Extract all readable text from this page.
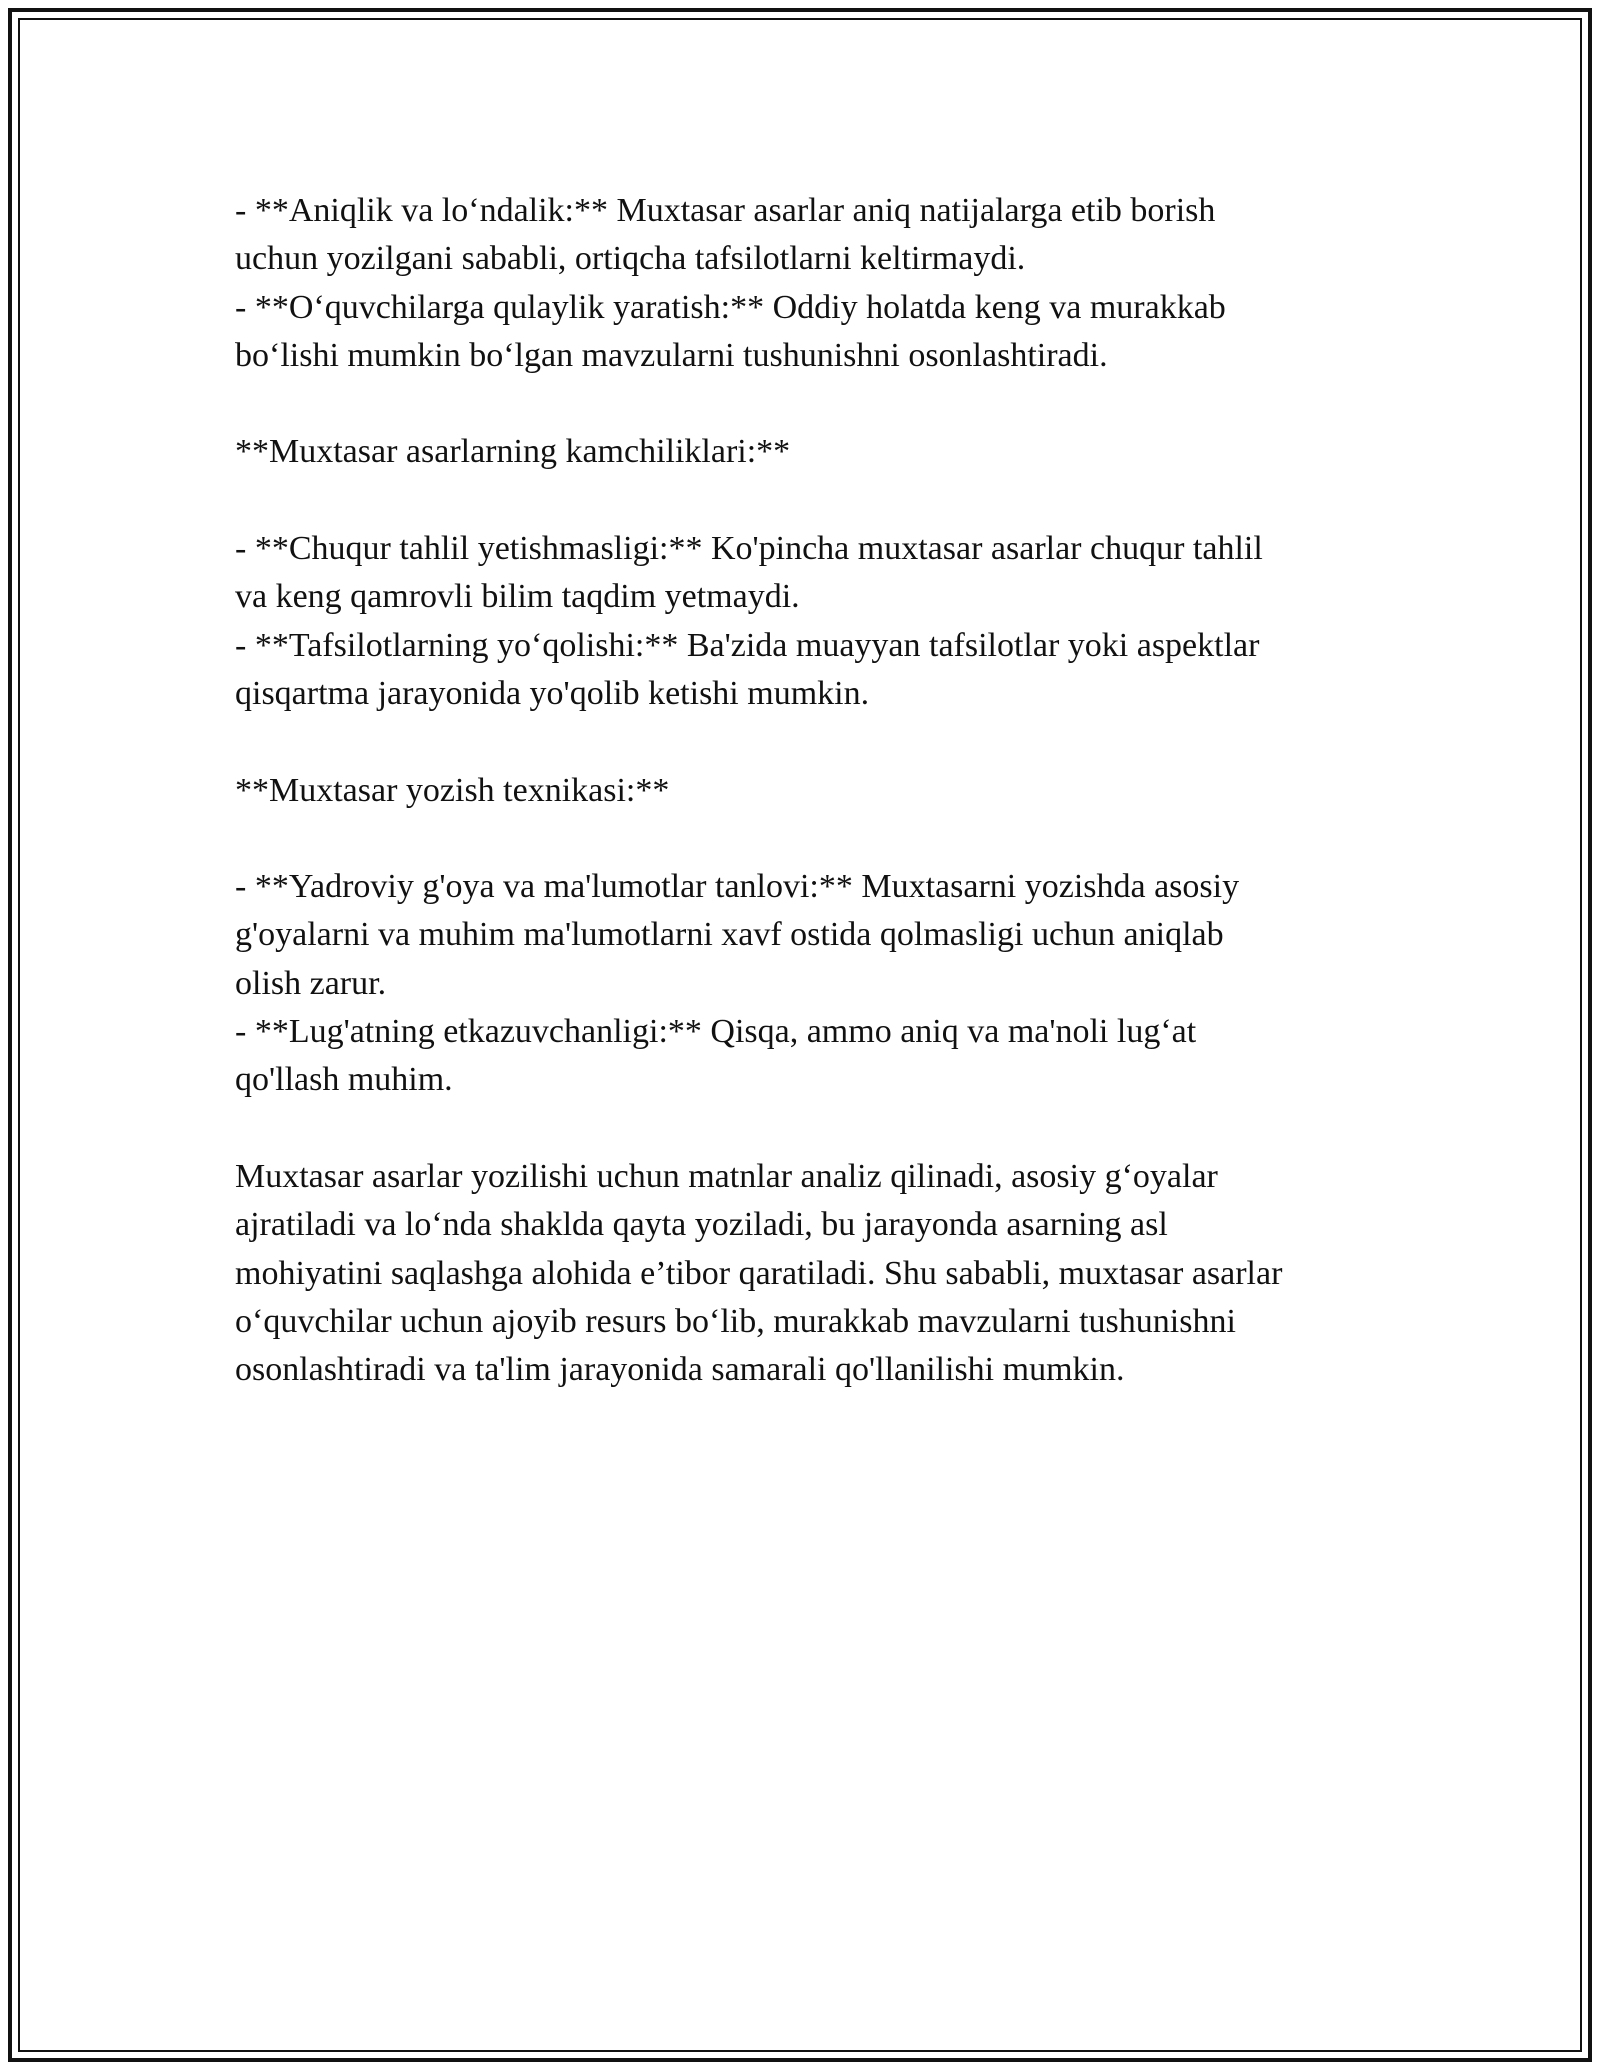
- **Aniqlik va lo‘ndalik:** Muxtasar asarlar aniq natijalarga etib borish
uchun yozilgani sababli, ortiqcha tafsilotlarni keltirmaydi.
- **O‘quvchilarga qulaylik yaratish:** Oddiy holatda keng va murakkab
bo‘lishi mumkin bo‘lgan mavzularni tushunishni osonlashtiradi.
**Muxtasar asarlarning kamchiliklari:**
- **Chuqur tahlil yetishmasligi:** Ko'pincha muxtasar asarlar chuqur tahlil
va keng qamrovli bilim taqdim yetmaydi.
- **Tafsilotlarning yo‘qolishi:** Ba'zida muayyan tafsilotlar yoki aspektlar
qisqartma jarayonida yo'qolib ketishi mumkin.
**Muxtasar yozish texnikasi:**
- **Yadroviy g'oya va ma'lumotlar tanlovi:** Muxtasarni yozishda asosiy
g'oyalarni va muhim ma'lumotlarni xavf ostida qolmasligi uchun aniqlab
olish zarur.
- **Lug'atning etkazuvchanligi:** Qisqa, ammo aniq va ma'noli lug‘at
qo'llash muhim.
Muxtasar asarlar yozilishi uchun matnlar analiz qilinadi, asosiy g‘oyalar
ajratiladi va lo‘nda shaklda qayta yoziladi, bu jarayonda asarning asl
mohiyatini saqlashga alohida e’tibor qaratiladi. Shu sababli, muxtasar asarlar
o‘quvchilar uchun ajoyib resurs bo‘lib, murakkab mavzularni tushunishni
osonlashtiradi va ta'lim jarayonida samarali qo'llanilishi mumkin.
